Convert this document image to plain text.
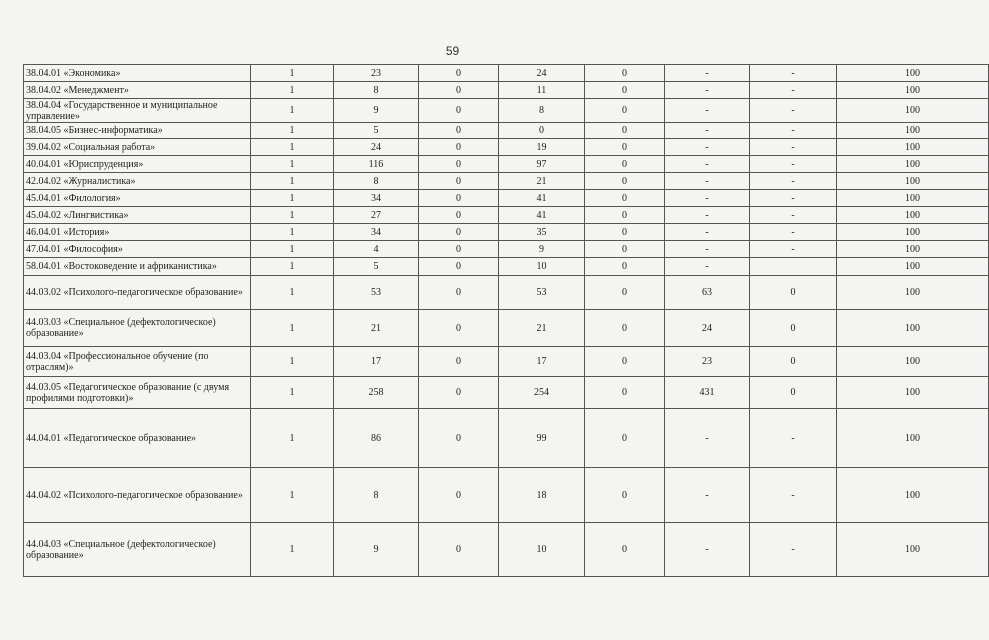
59
38.04.01 «Экономика»	1	23	0	24	0	-	-	100
38.04.02 «Менеджмент»	1	8	0	11	0	-	-	100
38.04.04 «Государственное и муниципальное управление»	1	9	0	8	0	-	-	100
38.04.05 «Бизнес-информатика»	1	5	0	0	0	-	-	100
39.04.02 «Социальная работа»	1	24	0	19	0	-	-	100
40.04.01 «Юриспруденция»	1	116	0	97	0	-	-	100
42.04.02 «Журналистика»	1	8	0	21	0	-	-	100
45.04.01 «Филология»	1	34	0	41	0	-	-	100
45.04.02 «Лингвистика»	1	27	0	41	0	-	-	100
46.04.01 «История»	1	34	0	35	0	-	-	100
47.04.01 «Философия»	1	4	0	9	0	-	-	100
58.04.01 «Востоковедение и африканистика»	1	5	0	10	0	-		100
44.03.02 «Психолого-педагогическое образование»	1	53	0	53	0	63	0	100
44.03.03 «Специальное (дефектологическое) образование»	1	21	0	21	0	24	0	100
44.03.04 «Профессиональное обучение (по отраслям)»	1	17	0	17	0	23	0	100
44.03.05 «Педагогическое образование (с двумя профилями подготовки)»	1	258	0	254	0	431	0	100
44.04.01 «Педагогическое образование»	1	86	0	99	0	-	-	100
44.04.02 «Психолого-педагогическое образование»	1	8	0	18	0	-	-	100
44.04.03 «Специальное (дефектологическое) образование»	1	9	0	10	0	-	-	100
